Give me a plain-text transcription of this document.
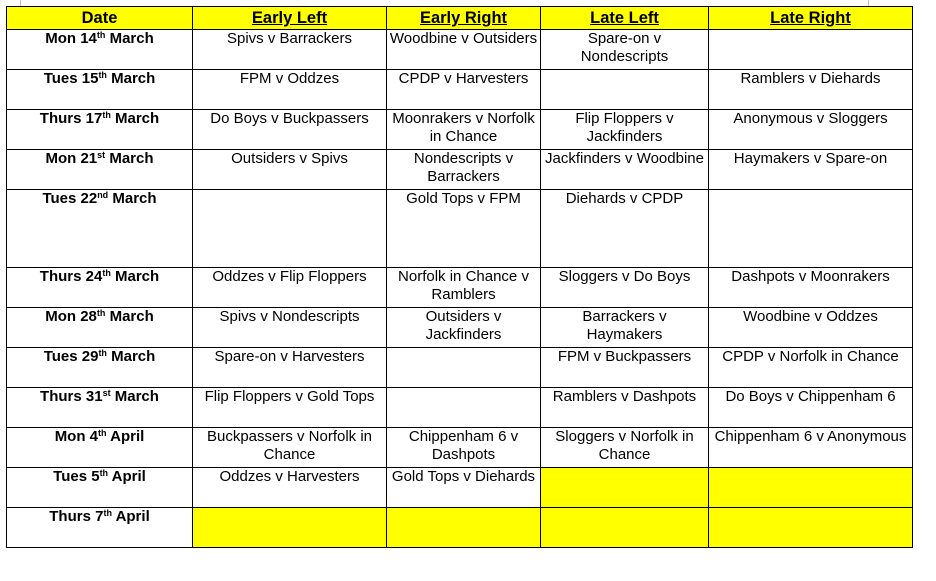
Date	Early Left	Early Right	Late Left	Late Right
Mon 14th March	Spivs v Barrackers	Woodbine v Outsiders	Spare-on v Nondescripts	
Tues 15th March	FPM v Oddzes	CPDP v Harvesters		Ramblers v Diehards
Thurs 17th March	Do Boys v Buckpassers	Moonrakers v Norfolk in Chance	Flip Floppers v Jackfinders	Anonymous v Sloggers
Mon 21st March	Outsiders v Spivs	Nondescripts v Barrackers	Jackfinders v Woodbine	Haymakers v Spare-on
Tues 22nd March		Gold Tops v FPM	Diehards v CPDP	
Thurs 24th March	Oddzes v Flip Floppers	Norfolk in Chance v Ramblers	Sloggers v Do Boys	Dashpots v Moonrakers
Mon 28th March	Spivs v Nondescripts	Outsiders v Jackfinders	Barrackers v Haymakers	Woodbine v Oddzes
Tues 29th March	Spare-on v Harvesters		FPM v Buckpassers	CPDP v Norfolk in Chance
Thurs 31st March	Flip Floppers v Gold Tops		Ramblers v Dashpots	Do Boys v Chippenham 6
Mon 4th April	Buckpassers v Norfolk in Chance	Chippenham 6 v Dashpots	Sloggers v Norfolk in Chance	Chippenham 6 v Anonymous
Tues 5th April	Oddzes v Harvesters	Gold Tops v Diehards		
Thurs 7th April				
